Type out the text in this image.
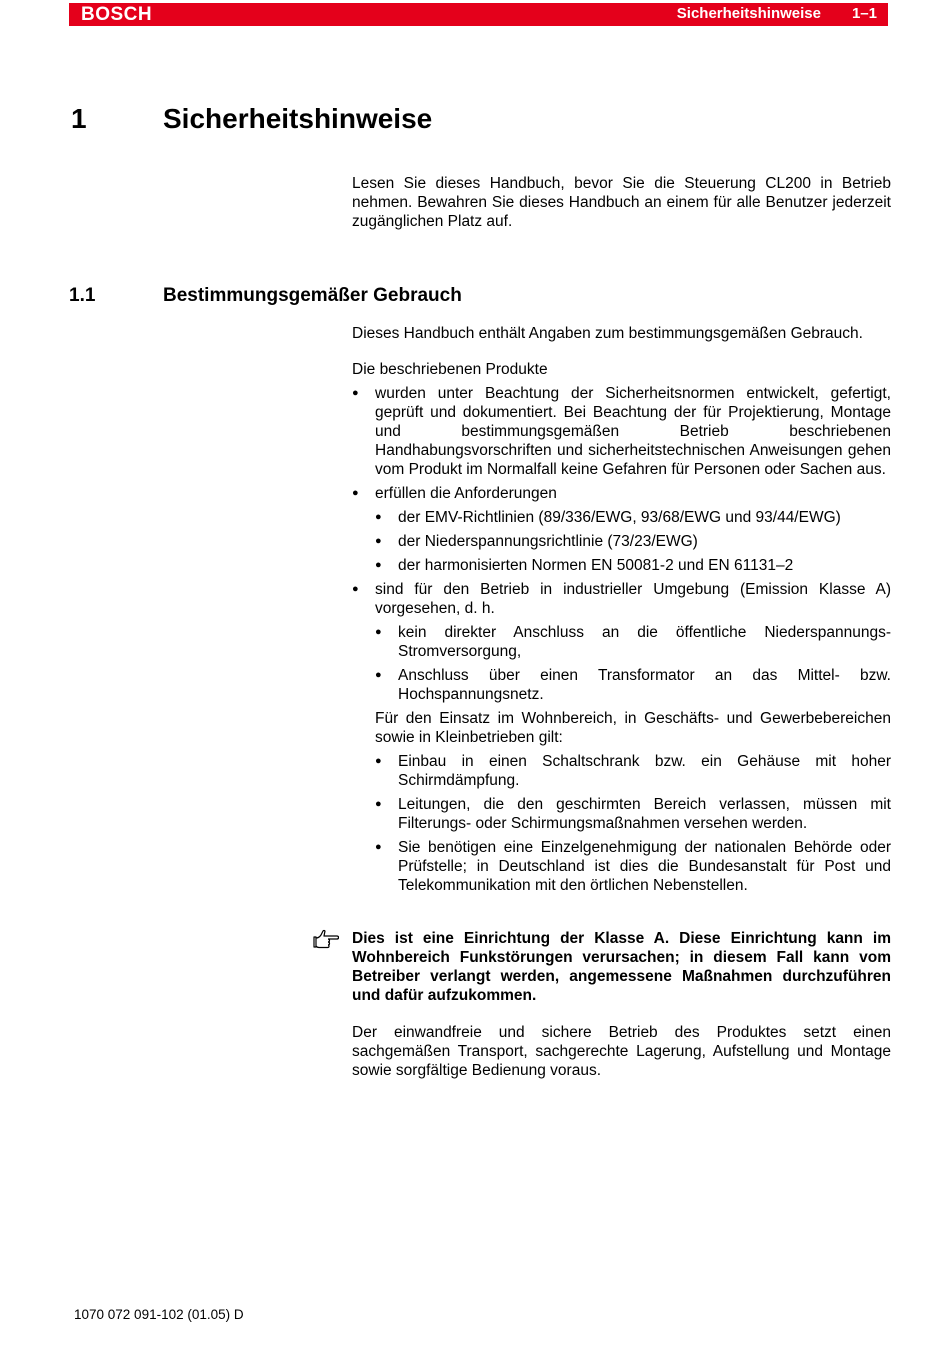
BOSCH	Sicherheitshinweise 1–1
1	Sicherheitshinweise

Lesen Sie dieses Handbuch, bevor Sie die Steuerung CL200 in Betrieb nehmen. Bewahren Sie dieses Handbuch an einem für alle Benutzer jederzeit zugänglichen Platz auf.

1.1	Bestimmungsgemäßer Gebrauch

Dieses Handbuch enthält Angaben zum bestimmungsgemäßen Gebrauch.

Die beschriebenen Produkte

● wurden unter Beachtung der Sicherheitsnormen entwickelt, gefertigt, geprüft und dokumentiert. Bei Beachtung der für Projektierung, Montage und bestimmungsgemäßen Betrieb beschriebenen Handhabungsvorschriften und sicherheitstechnischen Anweisungen gehen vom Produkt im Normalfall keine Gefahren für Personen oder Sachen aus.
● erfüllen die Anforderungen
● der EMV-Richtlinien (89/336/EWG, 93/68/EWG und 93/44/EWG)
● der Niederspannungsrichtlinie (73/23/EWG)
● der harmonisierten Normen EN 50081-2 und EN 61131–2
● sind für den Betrieb in industrieller Umgebung (Emission Klasse A) vorgesehen, d. h.
● kein direkter Anschluss an die öffentliche Niederspannungs-Stromversorgung,
● Anschluss über einen Transformator an das Mittel- bzw. Hochspannungsnetz.

Für den Einsatz im Wohnbereich, in Geschäfts- und Gewerbebereichen sowie in Kleinbetrieben gilt:

● Einbau in einen Schaltschrank bzw. ein Gehäuse mit hoher Schirmdämpfung.
● Leitungen, die den geschirmten Bereich verlassen, müssen mit Filterungs- oder Schirmungsmaßnahmen versehen werden.
● Sie benötigen eine Einzelgenehmigung der nationalen Behörde oder Prüfstelle; in Deutschland ist dies die Bundesanstalt für Post und Telekommunikation mit den örtlichen Nebenstellen.

Dies ist eine Einrichtung der Klasse A. Diese Einrichtung kann im Wohnbereich Funkstörungen verursachen; in diesem Fall kann vom Betreiber verlangt werden, angemessene Maßnahmen durchzuführen und dafür aufzukommen.

Der einwandfreie und sichere Betrieb des Produktes setzt einen sachgemäßen Transport, sachgerechte Lagerung, Aufstellung und Montage sowie sorgfältige Bedienung voraus.

1070 072 091-102 (01.05) D
